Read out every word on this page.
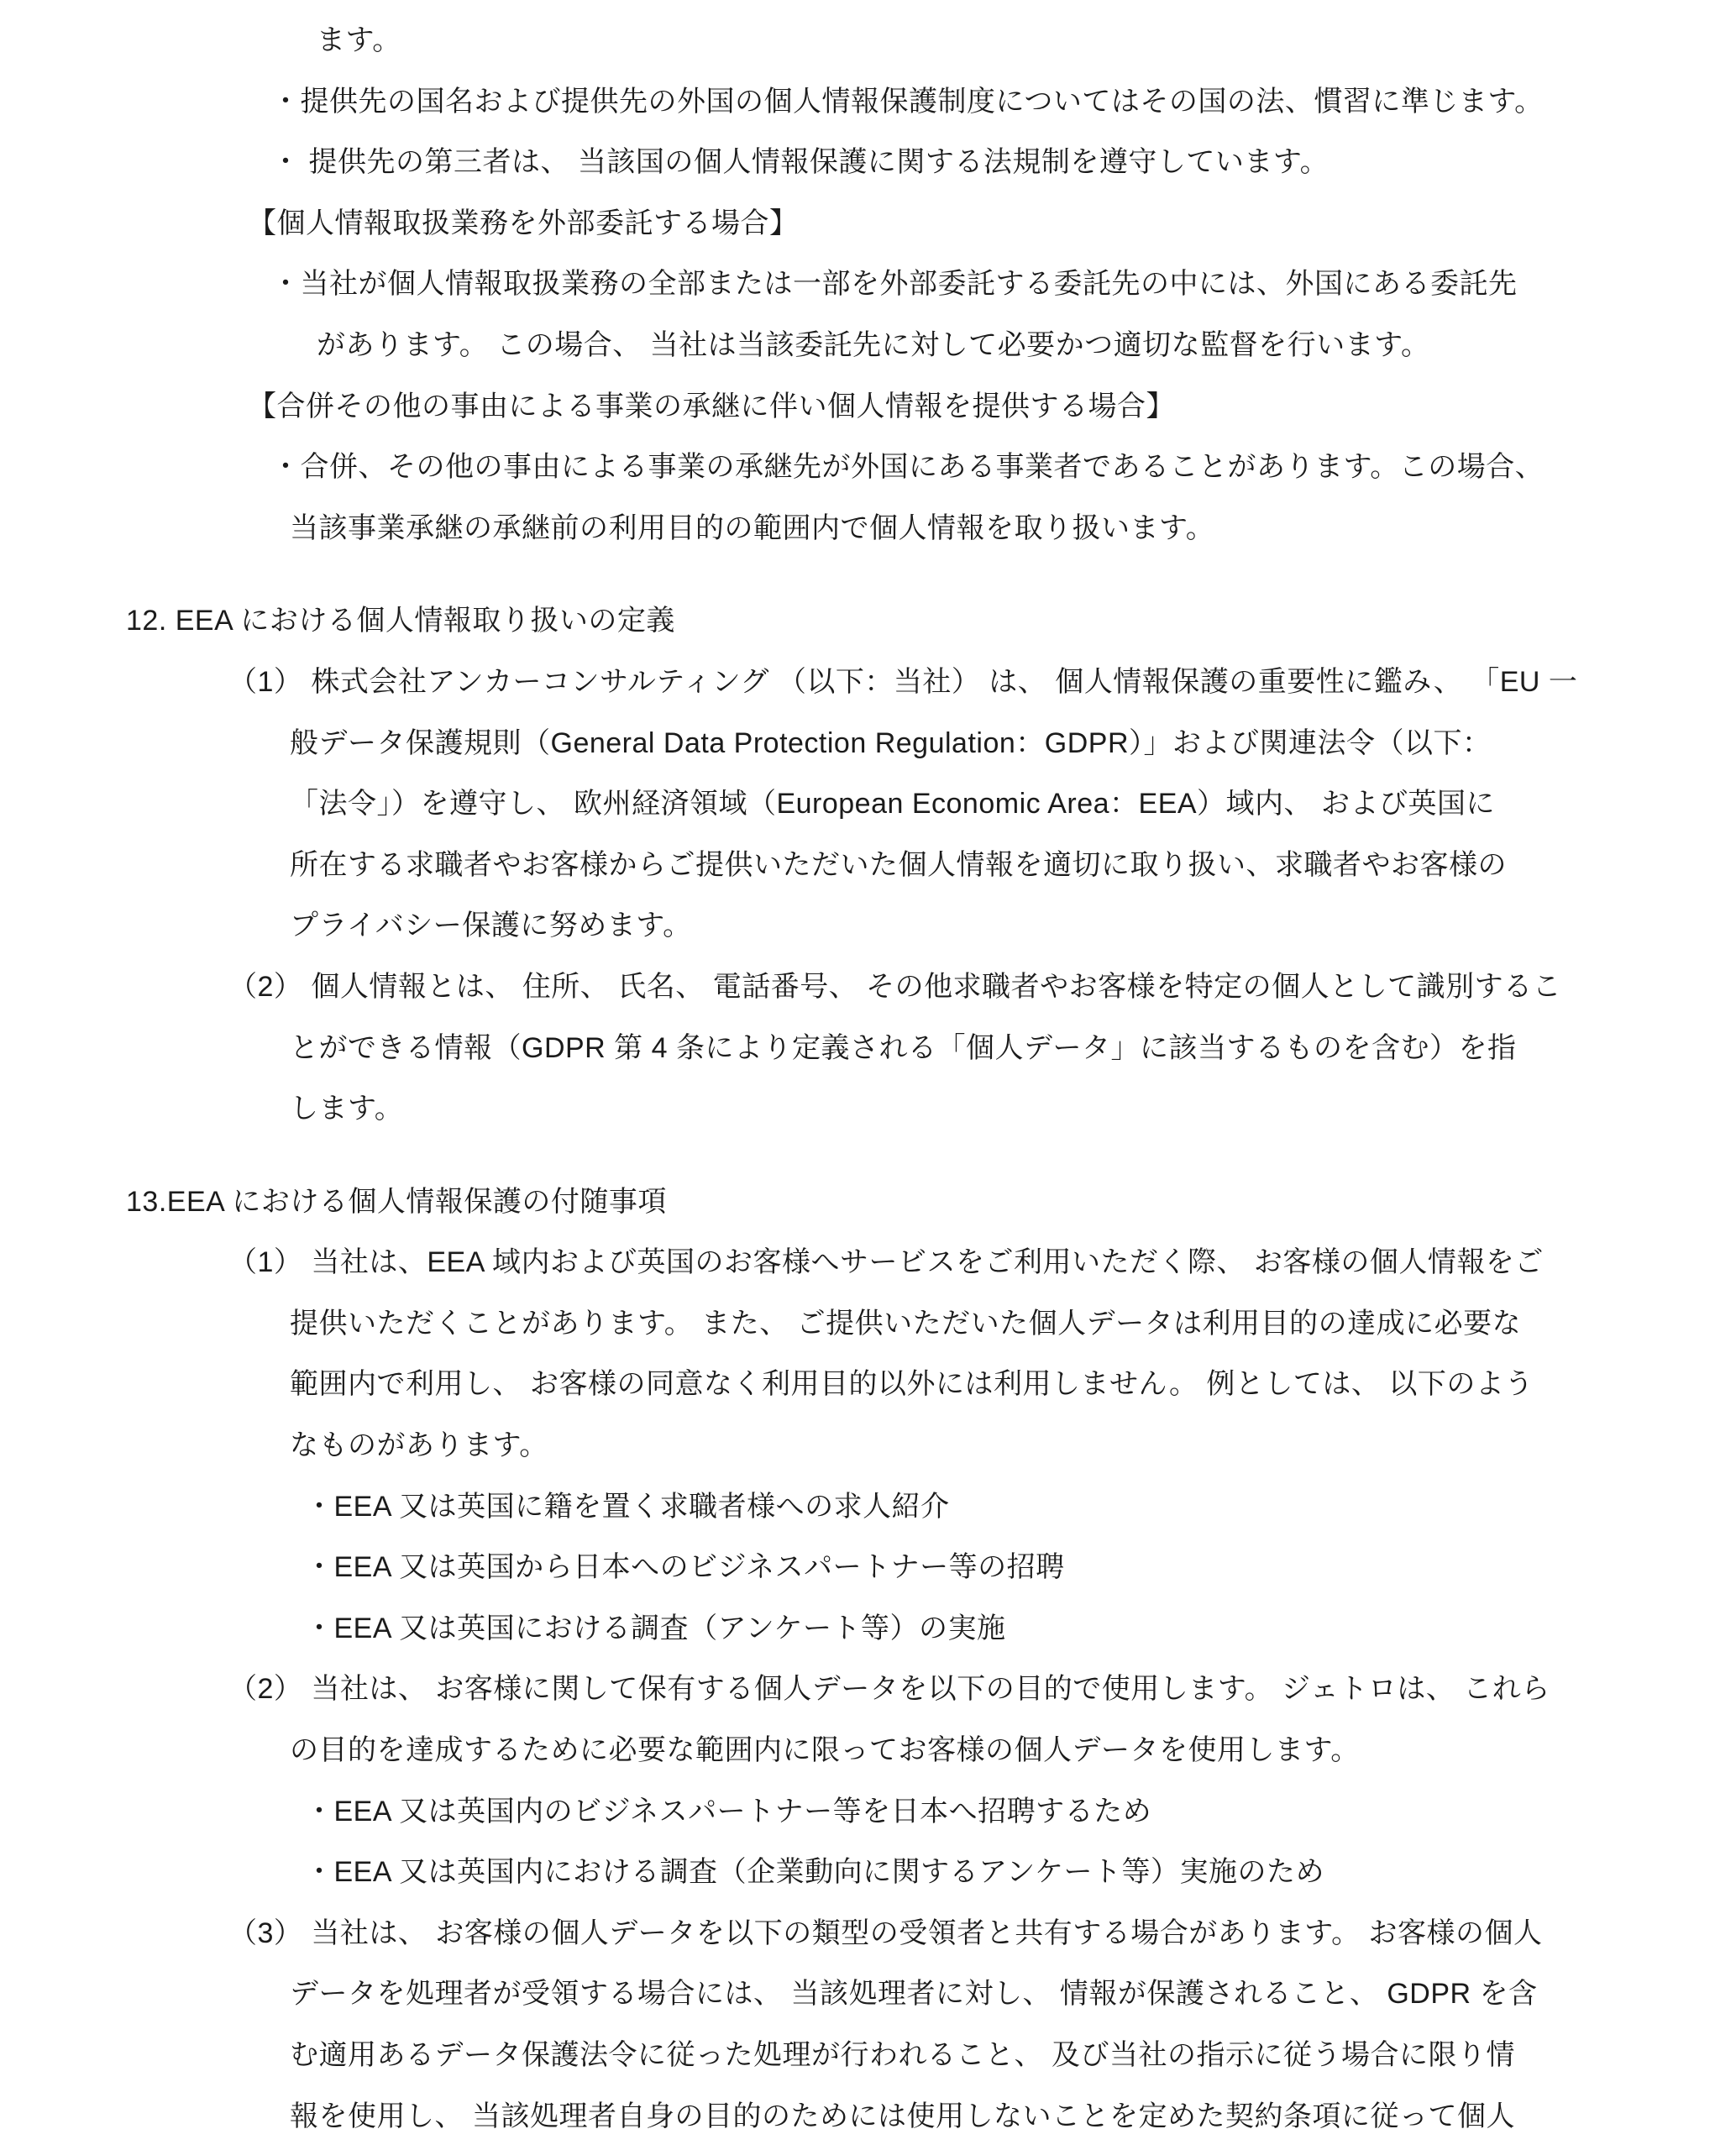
ます。
・提供先の国名および提供先の外国の個人情報保護制度についてはその国の法、慣習に準じます。
・ 提供先の第三者は、 当該国の個人情報保護に関する法規制を遵守しています。
【個人情報取扱業務を外部委託する場合】
・当社が個人情報取扱業務の全部または一部を外部委託する委託先の中には、外国にある委託先
があります。 この場合、 当社は当該委託先に対して必要かつ適切な監督を行います。
【合併その他の事由による事業の承継に伴い個人情報を提供する場合】
・合併、その他の事由による事業の承継先が外国にある事業者であることがあります。この場合、
当該事業承継の承継前の利用目的の範囲内で個人情報を取り扱います。
12. EEA における個人情報取り扱いの定義
（1） 株式会社アンカーコンサルティング （以下：当社） は、 個人情報保護の重要性に鑑み、 「EU 一
般データ保護規則（General Data Protection Regulation：GDPR）」および関連法令（以下：
「法令」）を遵守し、 欧州経済領域（European Economic Area：EEA）域内、 および英国に
所在する求職者やお客様からご提供いただいた個人情報を適切に取り扱い、求職者やお客様の
プライバシー保護に努めます。
（2） 個人情報とは、 住所、 氏名、 電話番号、 その他求職者やお客様を特定の個人として識別するこ
とができる情報（GDPR 第 4 条により定義される「個人データ」に該当するものを含む）を指
します。
13.EEA における個人情報保護の付随事項
（1） 当社は、EEA 域内および英国のお客様へサービスをご利用いただく際、 お客様の個人情報をご
提供いただくことがあります。 また、 ご提供いただいた個人データは利用目的の達成に必要な
範囲内で利用し、 お客様の同意なく利用目的以外には利用しません。 例としては、 以下のよう
なものがあります。
・EEA 又は英国に籍を置く求職者様への求人紹介
・EEA 又は英国から日本へのビジネスパートナー等の招聘
・EEA 又は英国における調査（アンケート等）の実施
（2） 当社は、 お客様に関して保有する個人データを以下の目的で使用します。 ジェトロは、 これら
の目的を達成するために必要な範囲内に限ってお客様の個人データを使用します。
・EEA 又は英国内のビジネスパートナー等を日本へ招聘するため
・EEA 又は英国内における調査（企業動向に関するアンケート等）実施のため
（3） 当社は、 お客様の個人データを以下の類型の受領者と共有する場合があります。 お客様の個人
データを処理者が受領する場合には、 当該処理者に対し、 情報が保護されること、 GDPR を含
む適用あるデータ保護法令に従った処理が行われること、 及び当社の指示に従う場合に限り情
報を使用し、 当該処理者自身の目的のためには使用しないことを定めた契約条項に従って個人
